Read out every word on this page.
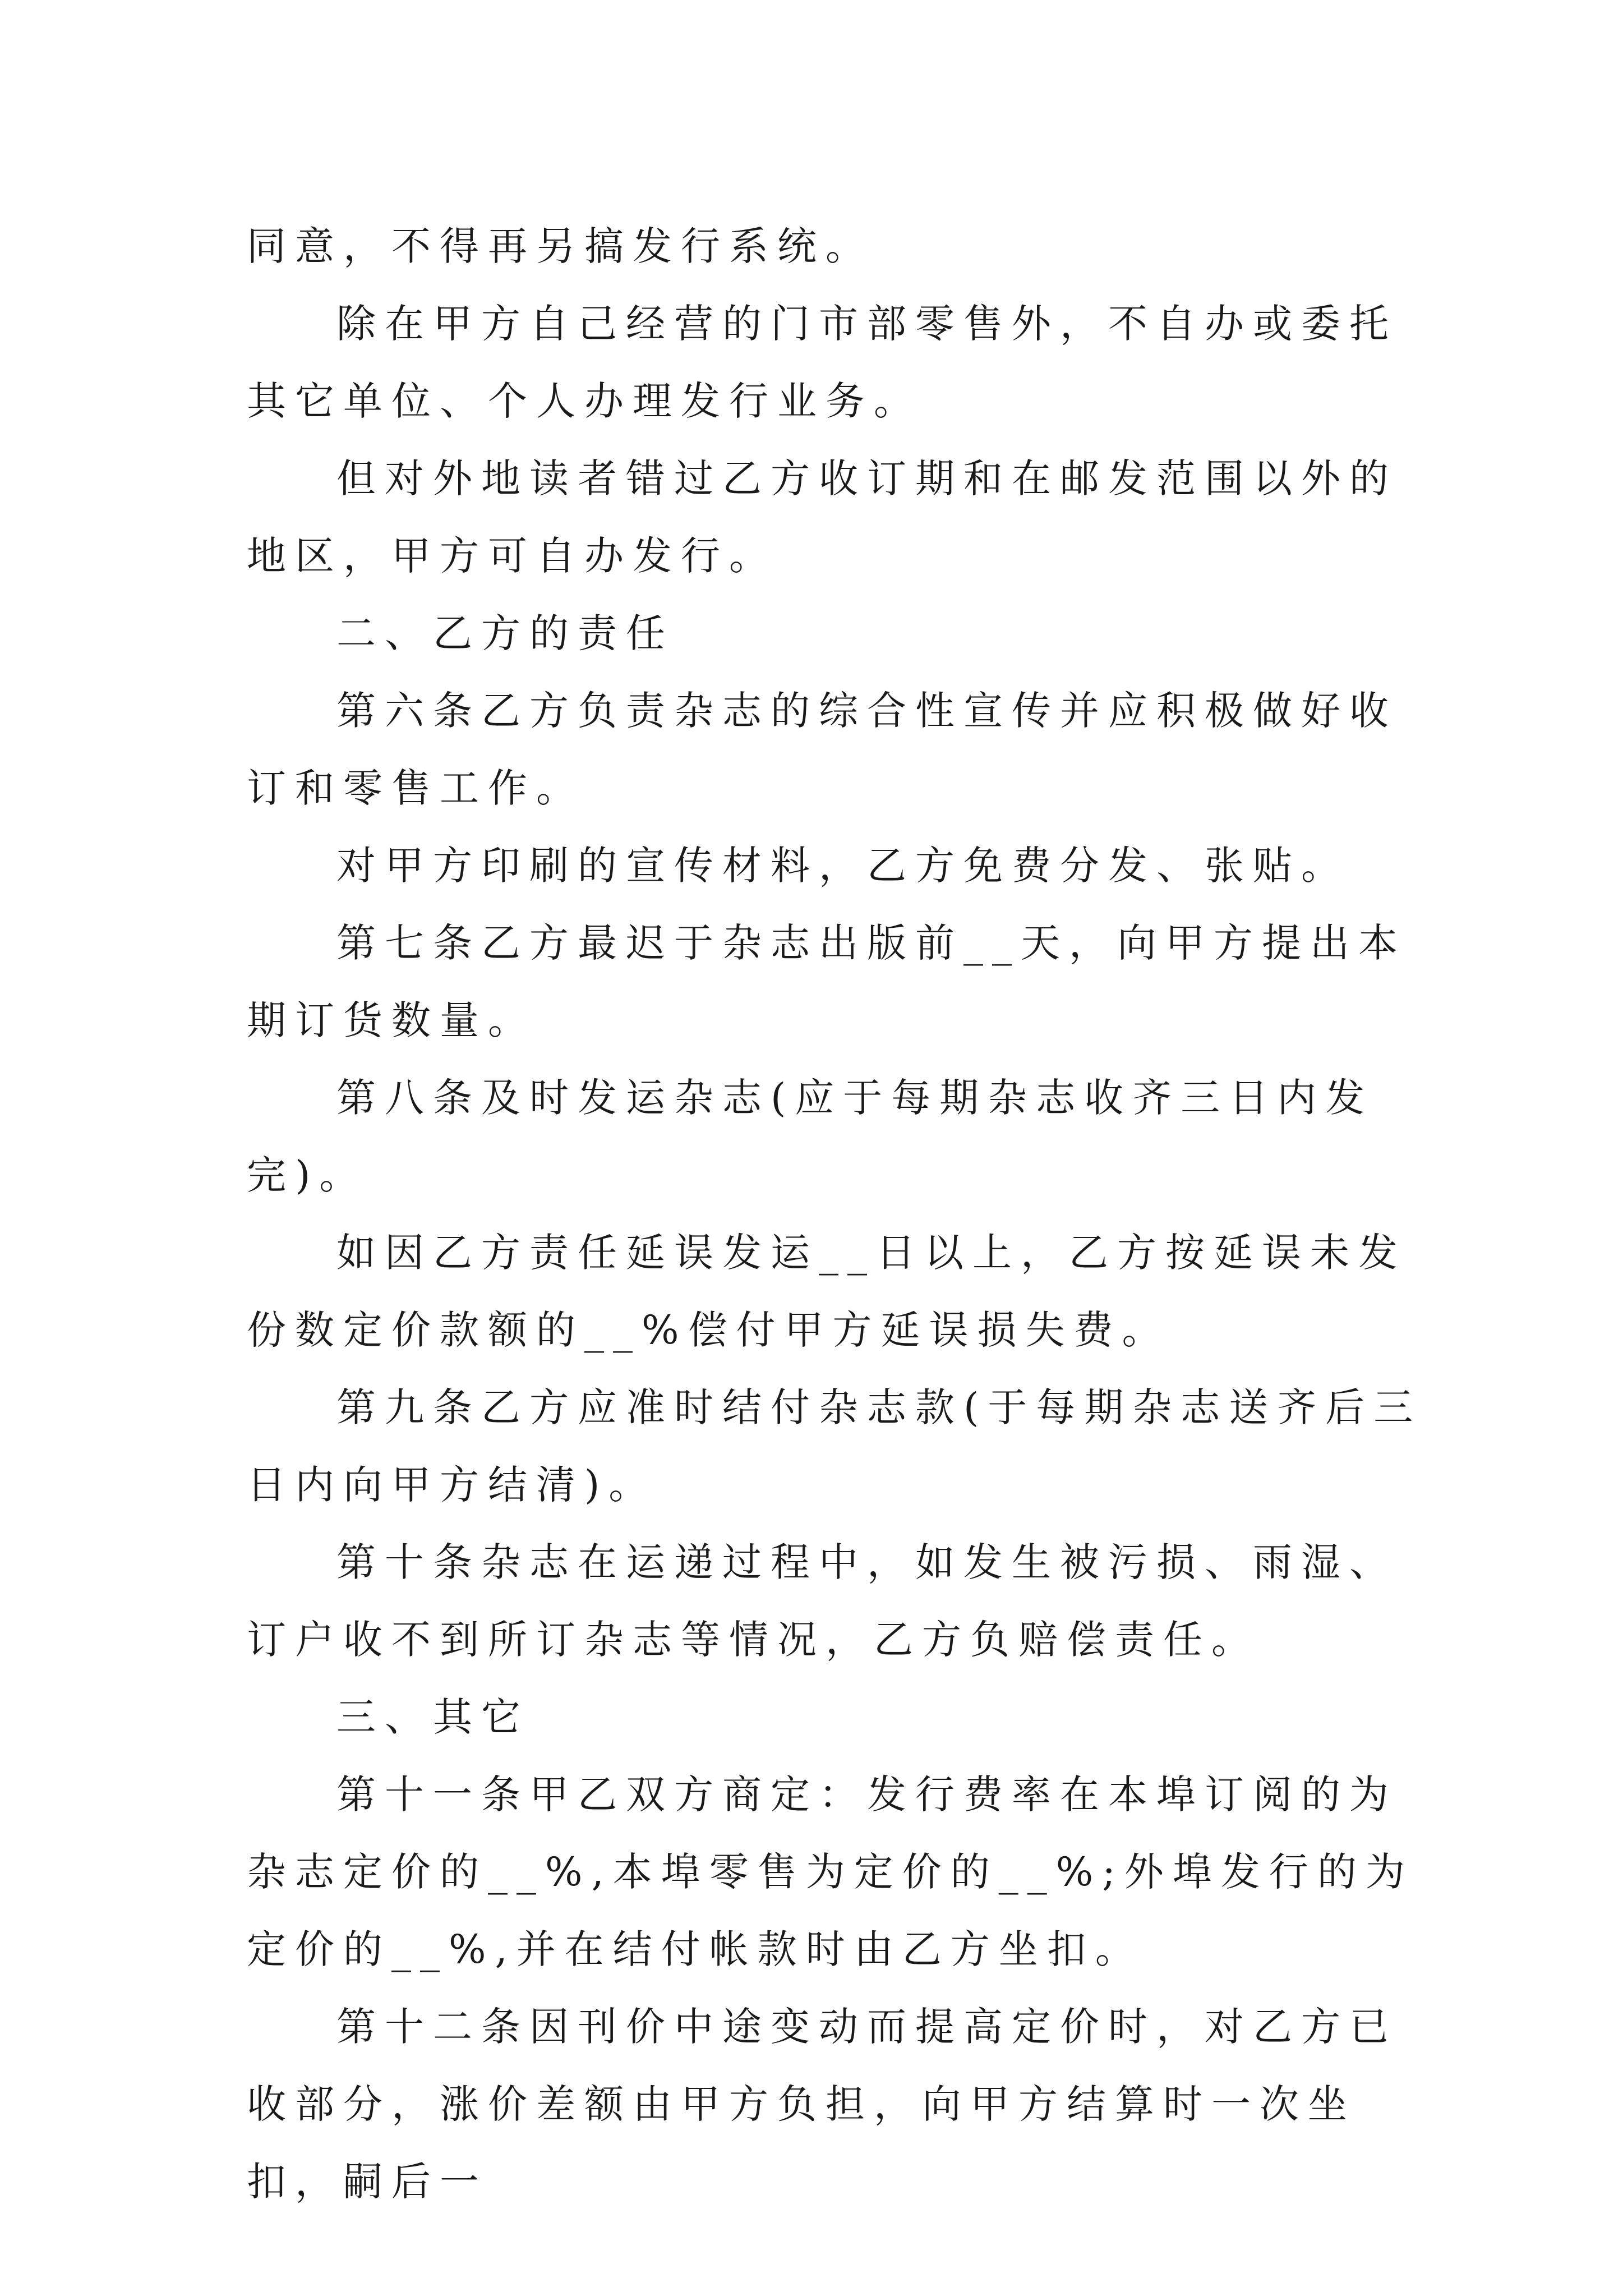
同意，不得再另搞发行系统。

除在甲方自己经营的门市部零售外，不自办或委托其它单位、个人办理发行业务。

但对外地读者错过乙方收订期和在邮发范围以外的地区，甲方可自办发行。

二、乙方的责任

第六条乙方负责杂志的综合性宣传并应积极做好收订和零售工作。

对甲方印刷的宣传材料，乙方免费分发、张贴。

第七条乙方最迟于杂志出版前__天，向甲方提出本期订货数量。

第八条及时发运杂志(应于每期杂志收齐三日内发完)。

如因乙方责任延误发运__日以上，乙方按延误未发份数定价款额的__%偿付甲方延误损失费。

第九条乙方应准时结付杂志款(于每期杂志送齐后三日内向甲方结清)。

第十条杂志在运递过程中，如发生被污损、雨湿、订户收不到所订杂志等情况，乙方负赔偿责任。

三、其它

第十一条甲乙双方商定：发行费率在本埠订阅的为杂志定价的__%,本埠零售为定价的__%;外埠发行的为定价的__%,并在结付帐款时由乙方坐扣。

第十二条因刊价中途变动而提高定价时，对乙方已收部分，涨价差额由甲方负担，向甲方结算时一次坐扣，嗣后一
